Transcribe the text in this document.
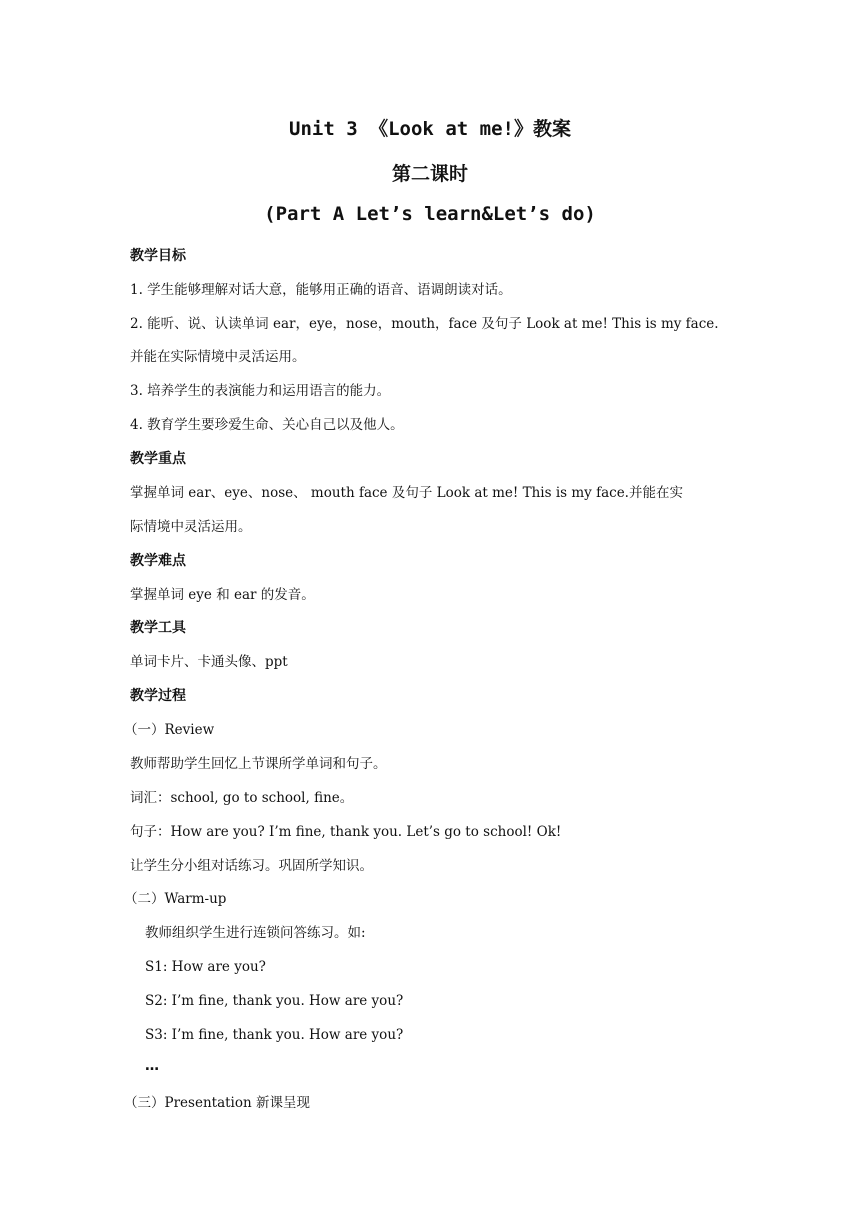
Unit 3 《Look at me!》教案
第二课时
(Part A Let’s learn&Let’s do)
教学目标
1. 学生能够理解对话大意，能够用正确的语音、语调朗读对话。
2. 能听、说、认读单词 ear，eye，nose，mouth，face 及句子 Look at me! This is my face.
并能在实际情境中灵活运用。
3. 培养学生的表演能力和运用语言的能力。
4. 教育学生要珍爱生命、关心自己以及他人。
教学重点
掌握单词 ear、eye、nose、 mouth face 及句子 Look at me! This is my face.并能在实
际情境中灵活运用。
教学难点
掌握单词 eye 和 ear 的发音。
教学工具
单词卡片、卡通头像、ppt
教学过程
（一）Review
教师帮助学生回忆上节课所学单词和句子。
词汇：school, go to school, fine。
句子：How are you? I’m fine, thank you. Let’s go to school! Ok!
让学生分小组对话练习。巩固所学知识。
（二）Warm-up
教师组织学生进行连锁问答练习。如:
S1: How are you?
S2: I’m fine, thank you. How are you?
S3: I’m fine, thank you. How are you?
…
（三）Presentation 新课呈现
